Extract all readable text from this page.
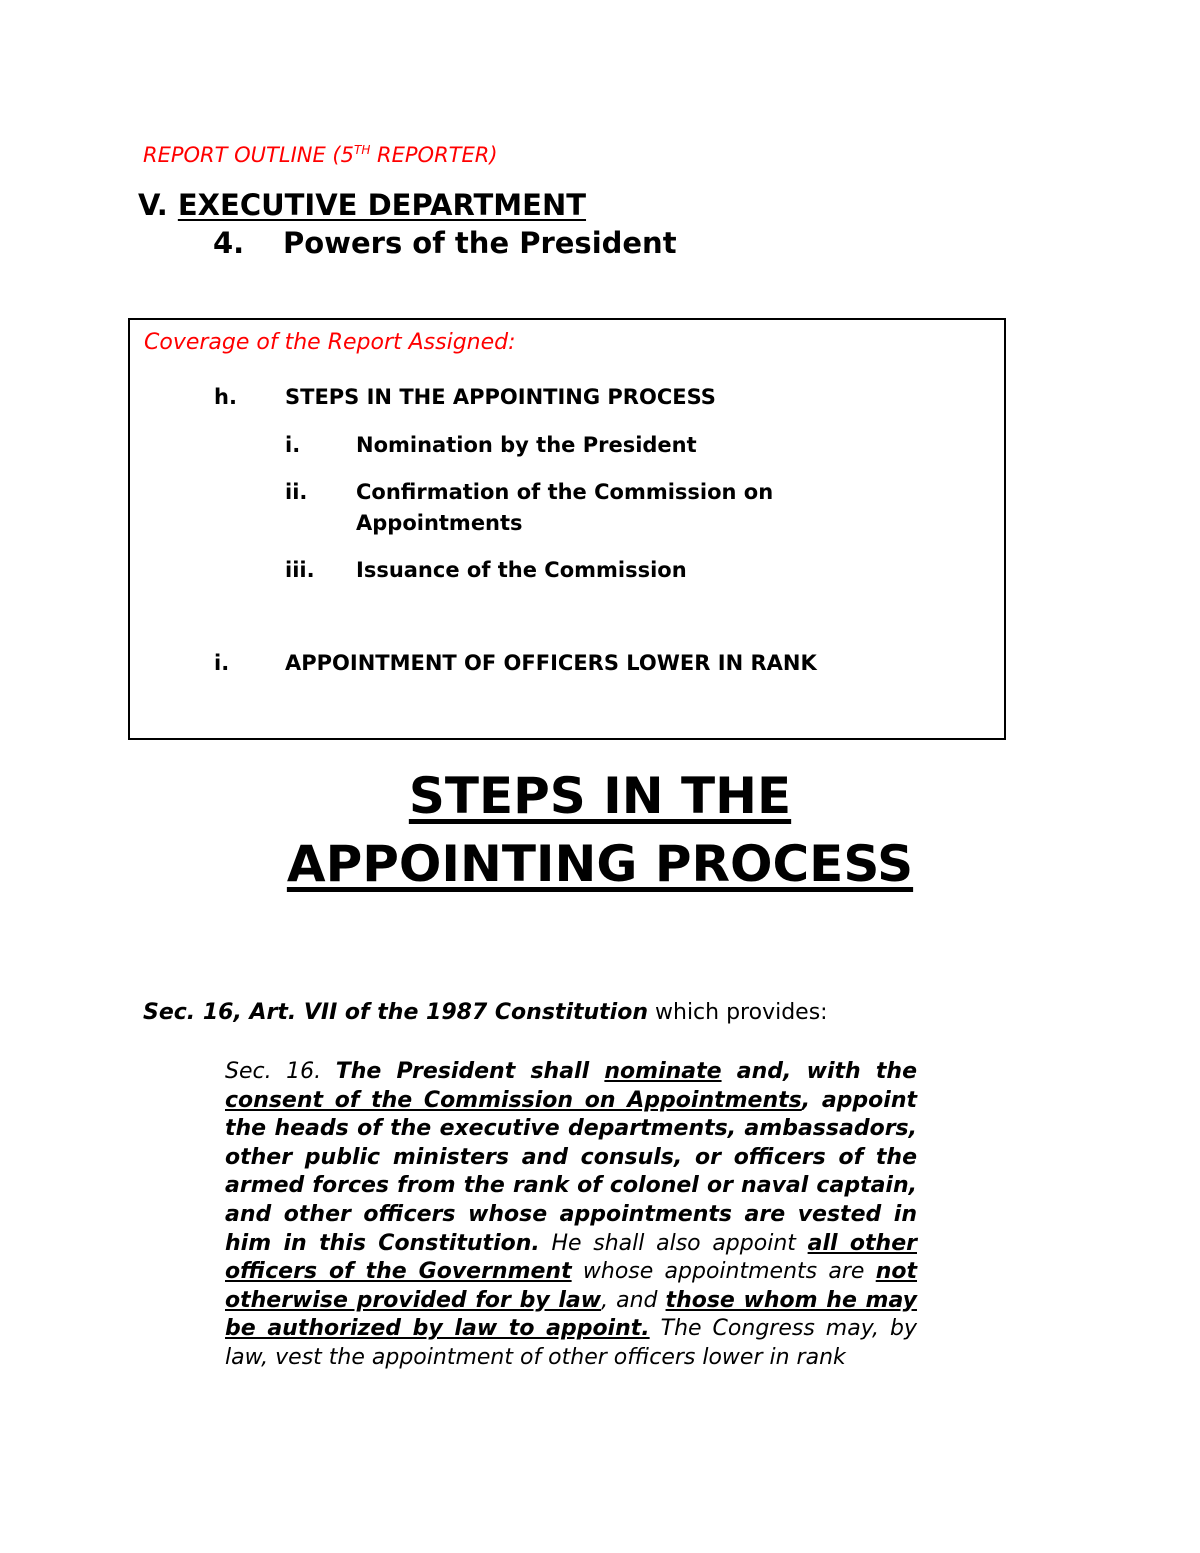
REPORT OUTLINE (5TH REPORTER)
V. EXECUTIVE DEPARTMENT
4. Powers of the President
Coverage of the Report Assigned:
h. STEPS IN THE APPOINTING PROCESS
i.	Nomination by the President
ii. Confirmation of the Commission on
Appointments
iii. Issuance of the Commission
i.	APPOINTMENT OF OFFICERS LOWER IN RANK
STEPS IN THE
APPOINTING PROCESS
Sec. 16, Art. VII of the 1987 Constitution which provides:
Sec. 16. The President shall nominate and, with the consent of the Commission on Appointments, appoint the heads of the executive departments, ambassadors, other public ministers and consuls, or officers of the armed forces from the rank of colonel or naval captain, and other officers whose appointments are vested in him in this Constitution. He shall also appoint all other officers of the Government whose appointments are not otherwise provided for by law, and those whom he may be authorized by law to appoint. The Congress may, by law, vest the appointment of other officers lower in rank
